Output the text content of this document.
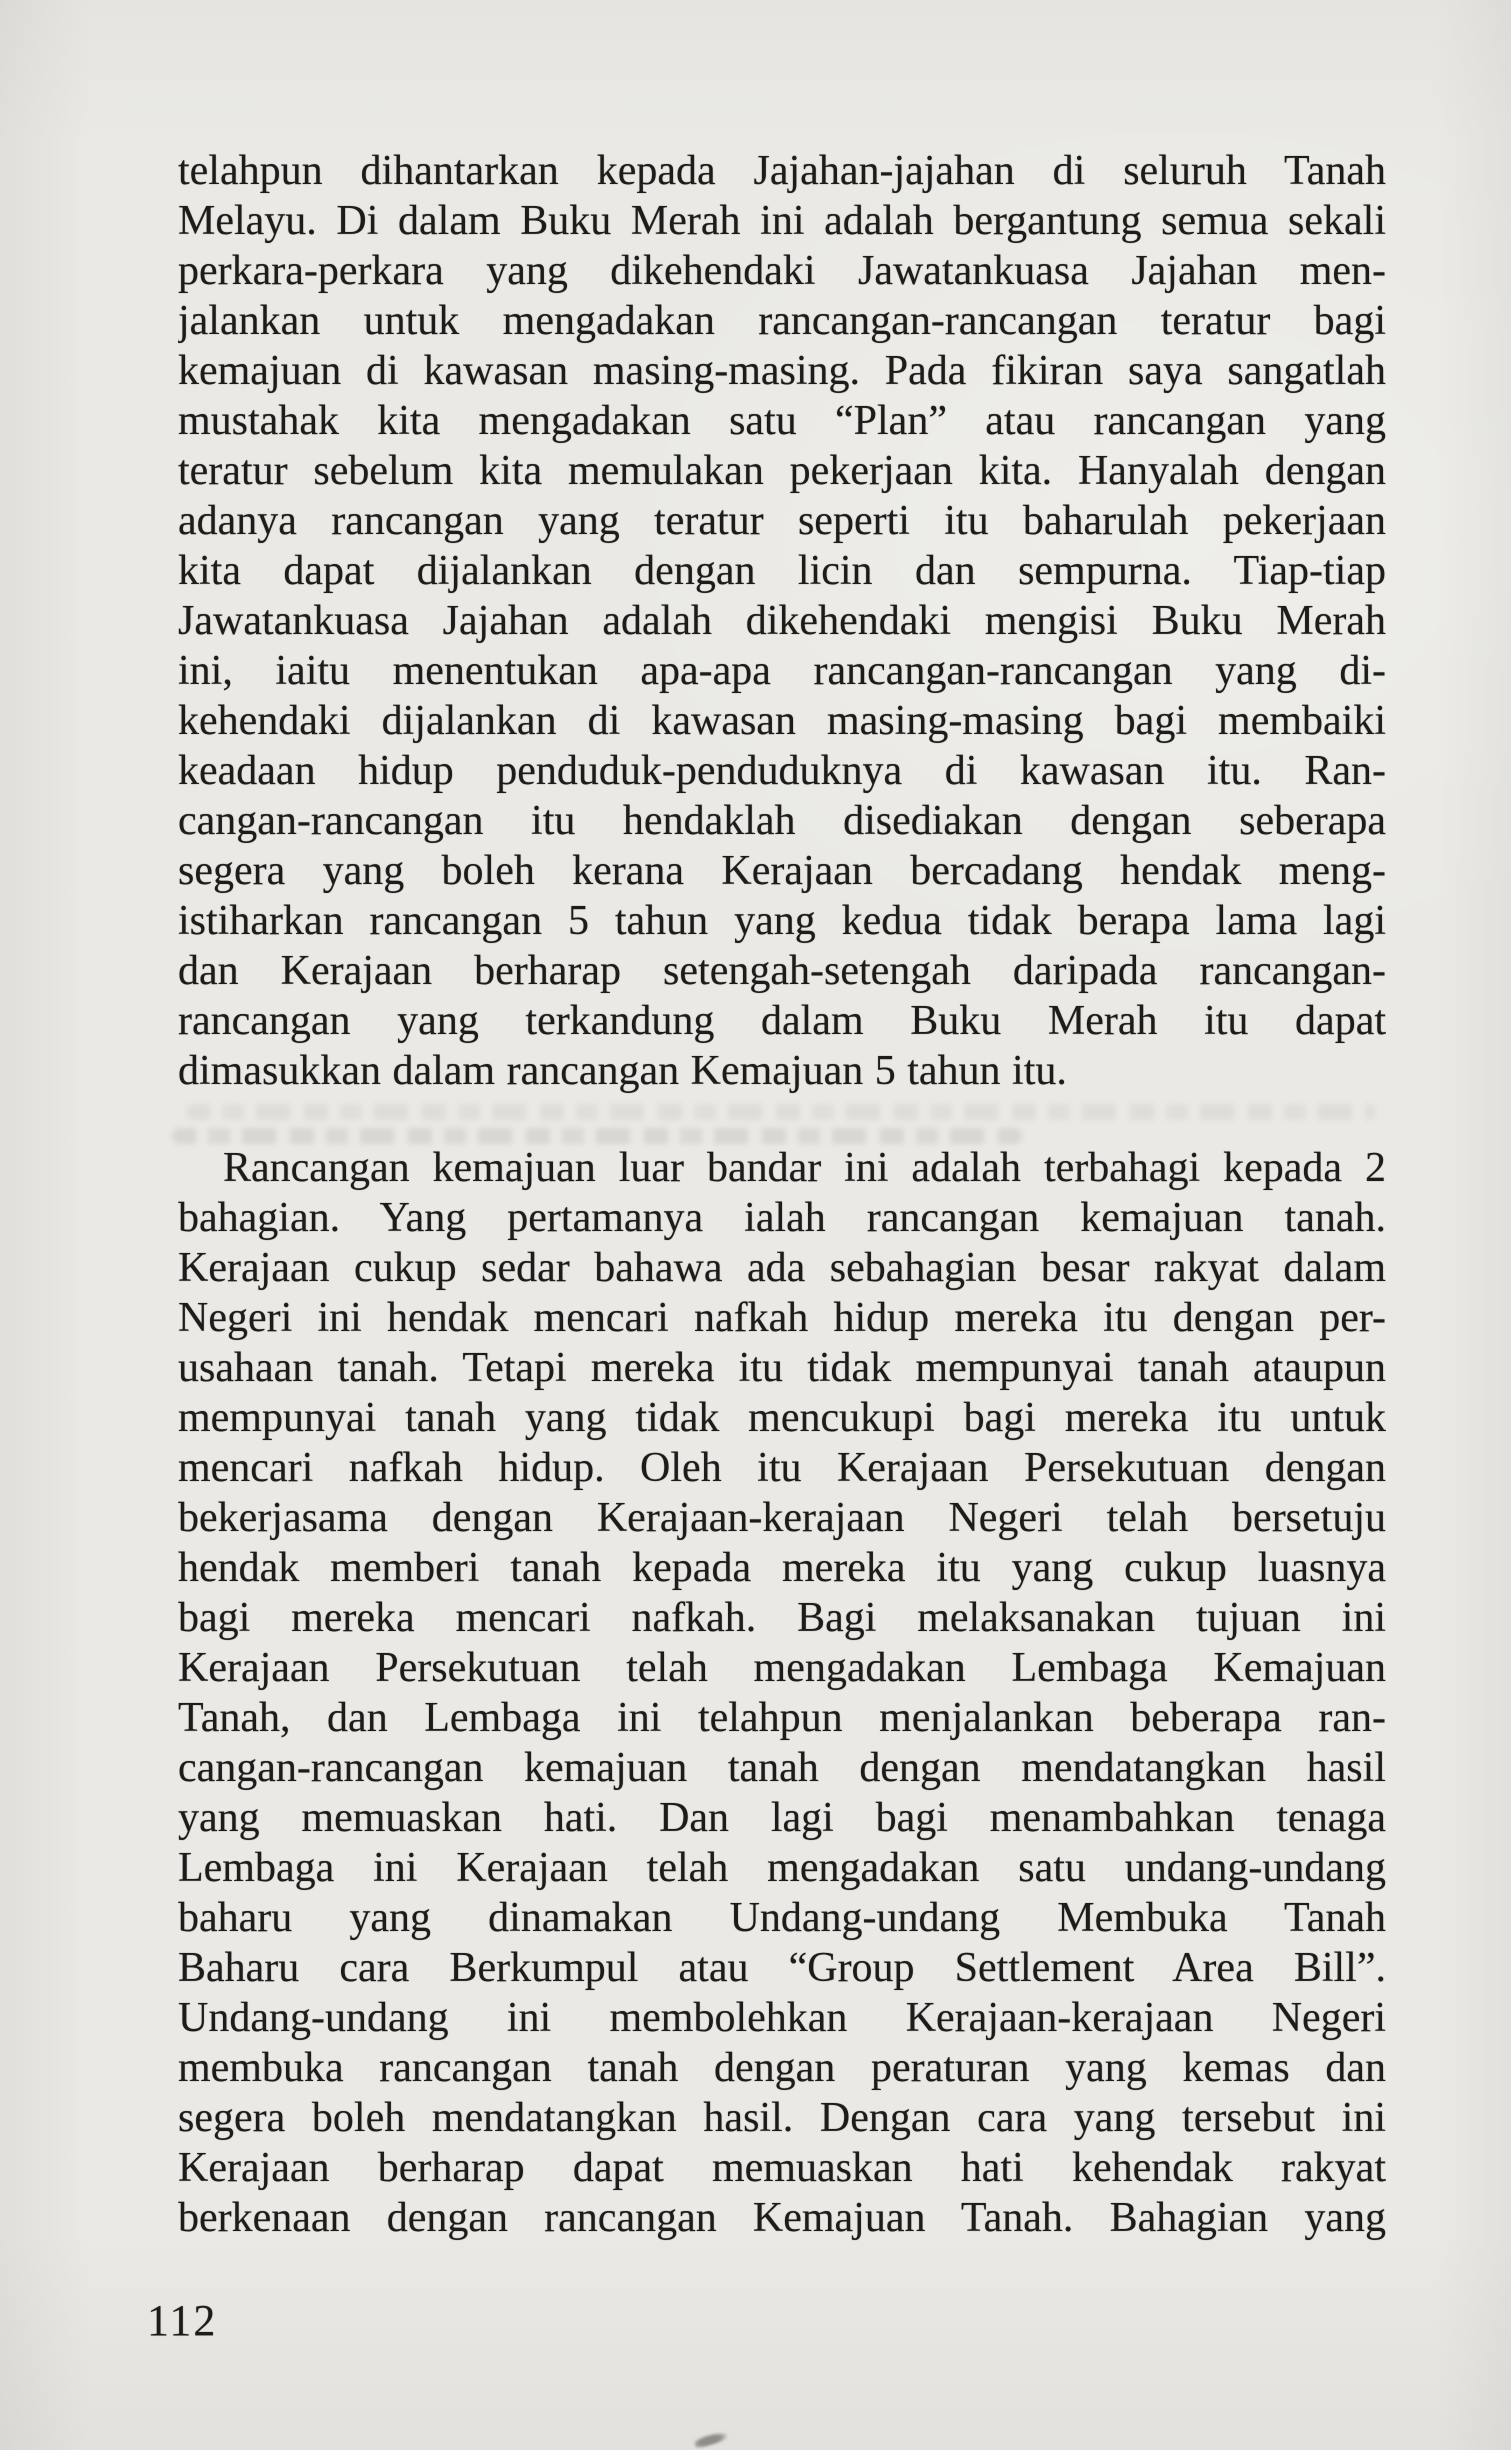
telahpun dihantarkan kepada Jajahan-jajahan di seluruh Tanah
Melayu. Di dalam Buku Merah ini adalah bergantung semua sekali
perkara-perkara yang dikehendaki Jawatankuasa Jajahan men-
jalankan untuk mengadakan rancangan-rancangan teratur bagi
kemajuan di kawasan masing-masing. Pada fikiran saya sangatlah
mustahak kita mengadakan satu “Plan” atau rancangan yang
teratur sebelum kita memulakan pekerjaan kita. Hanyalah dengan
adanya rancangan yang teratur seperti itu baharulah pekerjaan
kita dapat dijalankan dengan licin dan sempurna. Tiap-tiap
Jawatankuasa Jajahan adalah dikehendaki mengisi Buku Merah
ini, iaitu menentukan apa-apa rancangan-rancangan yang di-
kehendaki dijalankan di kawasan masing-masing bagi membaiki
keadaan hidup penduduk-penduduknya di kawasan itu. Ran-
cangan-rancangan itu hendaklah disediakan dengan seberapa
segera yang boleh kerana Kerajaan bercadang hendak meng-
istiharkan rancangan 5 tahun yang kedua tidak berapa lama lagi
dan Kerajaan berharap setengah-setengah daripada rancangan-
rancangan yang terkandung dalam Buku Merah itu dapat
dimasukkan dalam rancangan Kemajuan 5 tahun itu.
Rancangan kemajuan luar bandar ini adalah terbahagi kepada 2
bahagian. Yang pertamanya ialah rancangan kemajuan tanah.
Kerajaan cukup sedar bahawa ada sebahagian besar rakyat dalam
Negeri ini hendak mencari nafkah hidup mereka itu dengan per-
usahaan tanah. Tetapi mereka itu tidak mempunyai tanah ataupun
mempunyai tanah yang tidak mencukupi bagi mereka itu untuk
mencari nafkah hidup. Oleh itu Kerajaan Persekutuan dengan
bekerjasama dengan Kerajaan-kerajaan Negeri telah bersetuju
hendak memberi tanah kepada mereka itu yang cukup luasnya
bagi mereka mencari nafkah. Bagi melaksanakan tujuan ini
Kerajaan Persekutuan telah mengadakan Lembaga Kemajuan
Tanah, dan Lembaga ini telahpun menjalankan beberapa ran-
cangan-rancangan kemajuan tanah dengan mendatangkan hasil
yang memuaskan hati. Dan lagi bagi menambahkan tenaga
Lembaga ini Kerajaan telah mengadakan satu undang-undang
baharu yang dinamakan Undang-undang Membuka Tanah
Baharu cara Berkumpul atau “Group Settlement Area Bill”.
Undang-undang ini membolehkan Kerajaan-kerajaan Negeri
membuka rancangan tanah dengan peraturan yang kemas dan
segera boleh mendatangkan hasil. Dengan cara yang tersebut ini
Kerajaan berharap dapat memuaskan hati kehendak rakyat
berkenaan dengan rancangan Kemajuan Tanah. Bahagian yang
112
